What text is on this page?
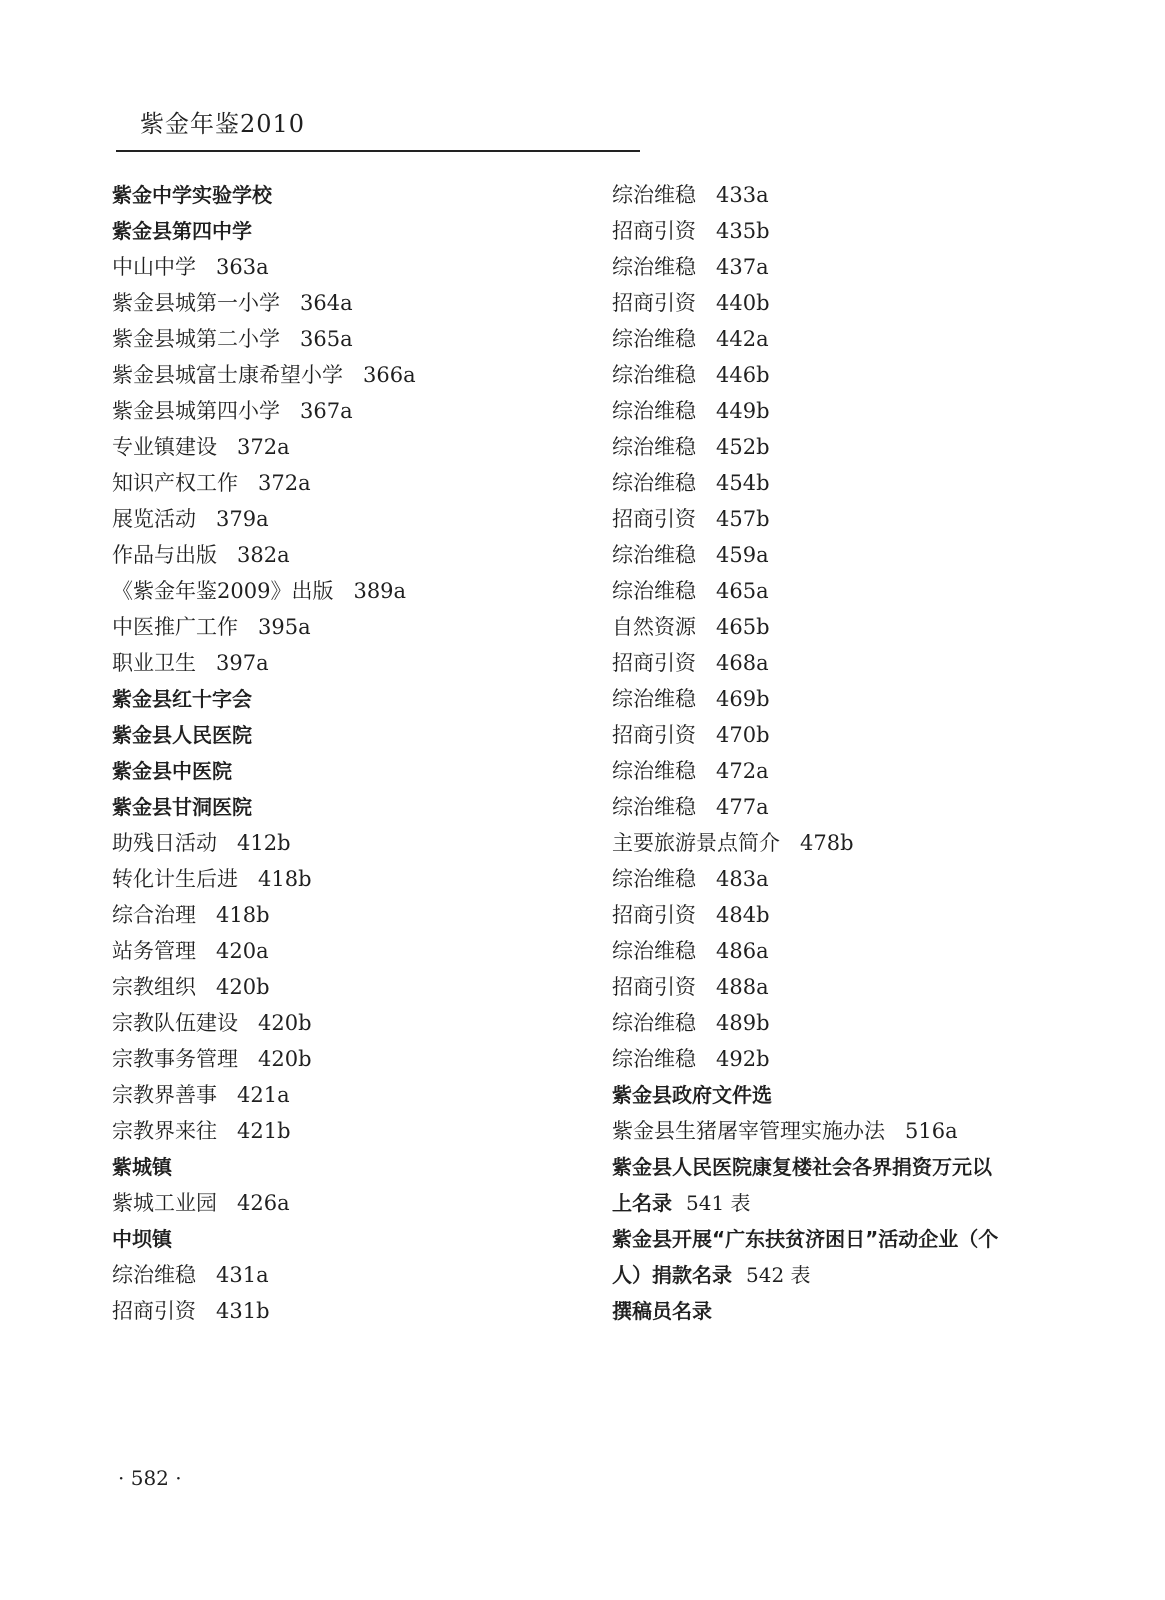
紫金年鉴2010
紫金中学实验学校
紫金县第四中学
中山中学 363a
紫金县城第一小学 364a
紫金县城第二小学 365a
紫金县城富士康希望小学 366a
紫金县城第四小学 367a
专业镇建设 372a
知识产权工作 372a
展览活动 379a
作品与出版 382a
《紫金年鉴2009》出版 389a
中医推广工作 395a
职业卫生 397a
紫金县红十字会
紫金县人民医院
紫金县中医院
紫金县甘洞医院
助残日活动 412b
转化计生后进 418b
综合治理 418b
站务管理 420a
宗教组织 420b
宗教队伍建设 420b
宗教事务管理 420b
宗教界善事 421a
宗教界来往 421b
紫城镇
紫城工业园 426a
中坝镇
综治维稳 431a
招商引资 431b
综治维稳 433a
招商引资 435b
综治维稳 437a
招商引资 440b
综治维稳 442a
综治维稳 446b
综治维稳 449b
综治维稳 452b
综治维稳 454b
招商引资 457b
综治维稳 459a
综治维稳 465a
自然资源 465b
招商引资 468a
综治维稳 469b
招商引资 470b
综治维稳 472a
综治维稳 477a
主要旅游景点简介 478b
综治维稳 483a
招商引资 484b
综治维稳 486a
招商引资 488a
综治维稳 489b
综治维稳 492b
紫金县政府文件选
紫金县生猪屠宰管理实施办法 516a
紫金县人民医院康复楼社会各界捐资万元以
上名录 541 表
紫金县开展“广东扶贫济困日”活动企业（个
人）捐款名录 542 表
撰稿员名录
· 582 ·
